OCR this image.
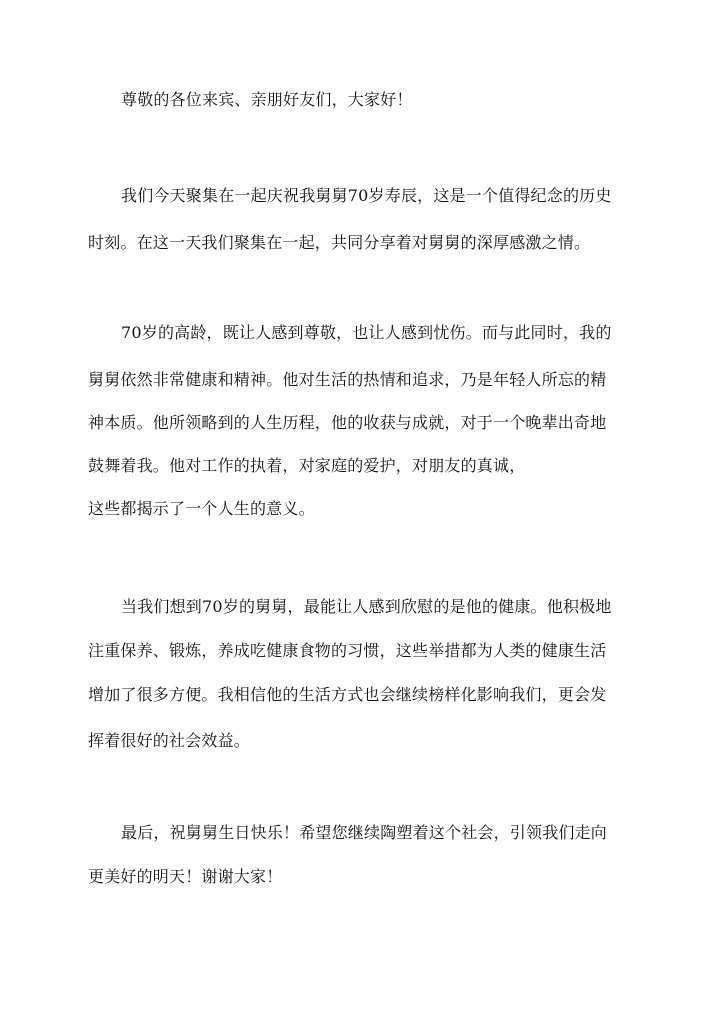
尊敬的各位来宾、亲朋好友们，大家好！
我们今天聚集在一起庆祝我舅舅70岁寿辰，这是一个值得纪念的历史
时刻。在这一天我们聚集在一起，共同分享着对舅舅的深厚感激之情。
70岁的高龄，既让人感到尊敬，也让人感到忧伤。而与此同时，我的
舅舅依然非常健康和精神。他对生活的热情和追求，乃是年轻人所忘的精
神本质。他所领略到的人生历程，他的收获与成就，对于一个晚辈出奇地
鼓舞着我。他对工作的执着，对家庭的爱护，对朋友的真诚，
这些都揭示了一个人生的意义。
当我们想到70岁的舅舅，最能让人感到欣慰的是他的健康。他积极地
注重保养、锻炼，养成吃健康食物的习惯，这些举措都为人类的健康生活
增加了很多方便。我相信他的生活方式也会继续榜样化影响我们，更会发
挥着很好的社会效益。
最后，祝舅舅生日快乐！希望您继续陶塑着这个社会，引领我们走向
更美好的明天！谢谢大家！
